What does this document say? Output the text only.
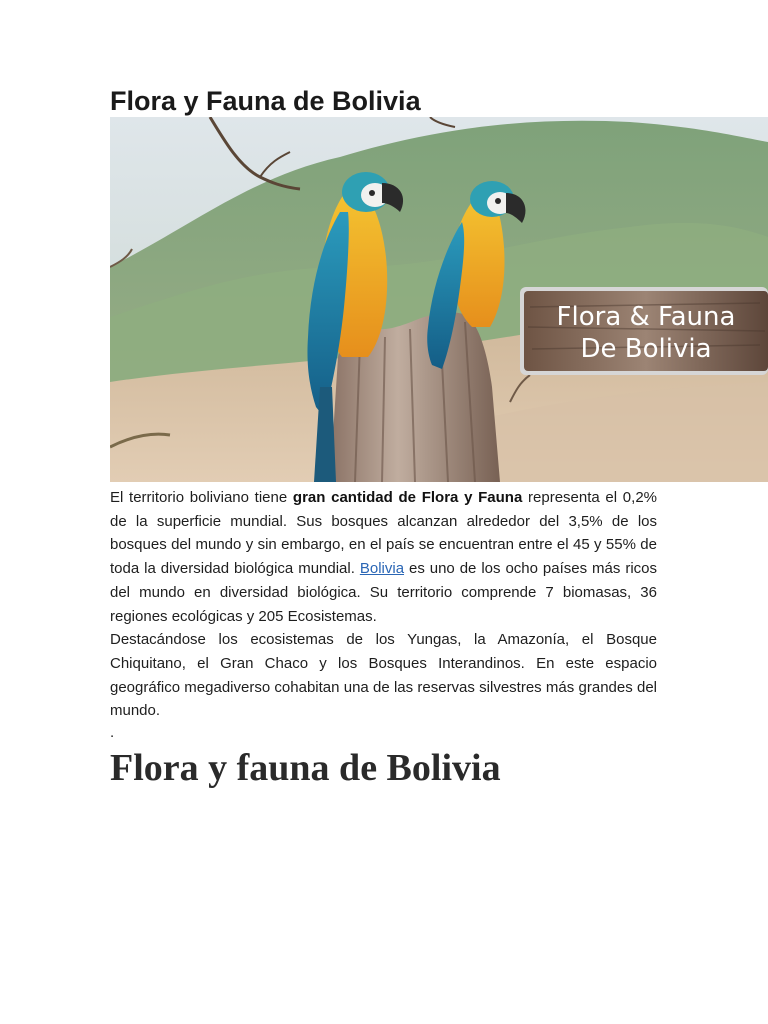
Flora y Fauna de Bolivia
Flora & Fauna
De Bolivia

El territorio boliviano tiene gran cantidad de Flora y Fauna representa el 0,2% de la superficie mundial. Sus bosques alcanzan alrededor del 3,5% de los bosques del mundo y sin embargo, en el país se encuentran entre el 45 y 55% de toda la diversidad biológica mundial. Bolivia es uno de los ocho países más ricos del mundo en diversidad biológica. Su territorio comprende 7 biomasas, 36 regiones ecológicas y 205 Ecosistemas.

Destacándose los ecosistemas de los Yungas, la Amazonía, el Bosque Chiquitano, el Gran Chaco y los Bosques Interandinos. En este espacio geográfico megadiverso cohabitan una de las reservas silvestres más grandes del mundo.

.
Flora y fauna de Bolivia
